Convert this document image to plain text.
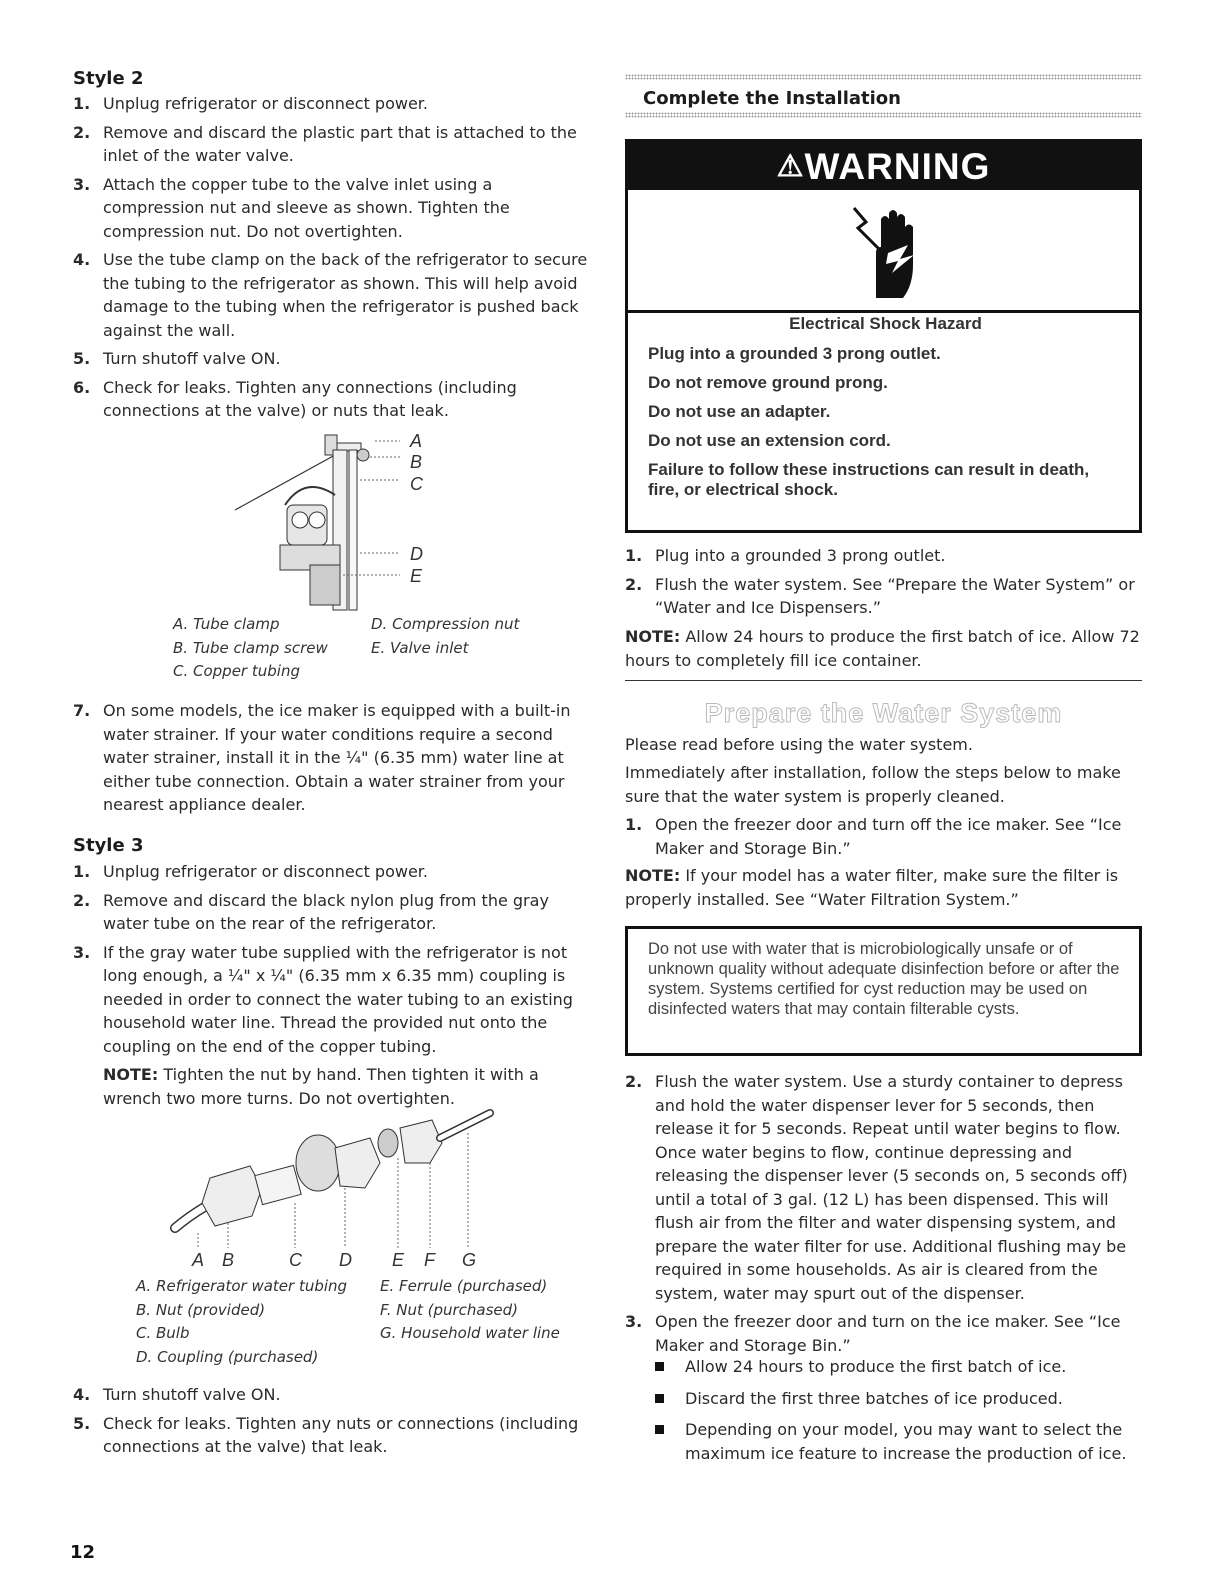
Style 2
1. Unplug refrigerator or disconnect power.
2. Remove and discard the plastic part that is attached to the inlet of the water valve.
3. Attach the copper tube to the valve inlet using a compression nut and sleeve as shown. Tighten the compression nut. Do not overtighten.
4. Use the tube clamp on the back of the refrigerator to secure the tubing to the refrigerator as shown. This will help avoid damage to the tubing when the refrigerator is pushed back against the wall.
5. Turn shutoff valve ON.
6. Check for leaks. Tighten any connections (including connections at the valve) or nuts that leak.
A
B
C
D
E
A. Tube clamp
B. Tube clamp screw
C. Copper tubing
D. Compression nut
E. Valve inlet
7. On some models, the ice maker is equipped with a built-in water strainer. If your water conditions require a second water strainer, install it in the ¼" (6.35 mm) water line at either tube connection. Obtain a water strainer from your nearest appliance dealer.
Style 3
1. Unplug refrigerator or disconnect power.
2. Remove and discard the black nylon plug from the gray water tube on the rear of the refrigerator.
3. If the gray water tube supplied with the refrigerator is not long enough, a ¼" x ¼" (6.35 mm x 6.35 mm) coupling is needed in order to connect the water tubing to an existing household water line. Thread the provided nut onto the coupling on the end of the copper tubing.
NOTE: Tighten the nut by hand. Then tighten it with a wrench two more turns. Do not overtighten.
A B	C D E F G
A. Refrigerator water tubing
B. Nut (provided)
C. Bulb
D. Coupling (purchased)
E. Ferrule (purchased)
F. Nut (purchased)
G. Household water line
4. Turn shutoff valve ON.
5. Check for leaks. Tighten any nuts or connections (including connections at the valve) that leak.
12
Complete the Installation
⚠WARNING
Electrical Shock Hazard
Plug into a grounded 3 prong outlet.
Do not remove ground prong.
Do not use an adapter.
Do not use an extension cord.
Failure to follow these instructions can result in death, fire, or electrical shock.
1. Plug into a grounded 3 prong outlet.
2. Flush the water system. See “Prepare the Water System” or “Water and Ice Dispensers.”
NOTE: Allow 24 hours to produce the first batch of ice. Allow 72 hours to completely fill ice container.
Prepare the Water System
Please read before using the water system.
Immediately after installation, follow the steps below to make sure that the water system is properly cleaned.
1. Open the freezer door and turn off the ice maker. See “Ice Maker and Storage Bin.”
NOTE: If your model has a water filter, make sure the filter is properly installed. See “Water Filtration System.”
Do not use with water that is microbiologically unsafe or of unknown quality without adequate disinfection before or after the system. Systems certified for cyst reduction may be used on disinfected waters that may contain filterable cysts.
2. Flush the water system. Use a sturdy container to depress and hold the water dispenser lever for 5 seconds, then release it for 5 seconds. Repeat until water begins to flow. Once water begins to flow, continue depressing and releasing the dispenser lever (5 seconds on, 5 seconds off) until a total of 3 gal. (12 L) has been dispensed. This will flush air from the filter and water dispensing system, and prepare the water filter for use. Additional flushing may be required in some households. As air is cleared from the system, water may spurt out of the dispenser.
3. Open the freezer door and turn on the ice maker. See “Ice Maker and Storage Bin.”
Allow 24 hours to produce the first batch of ice.
Discard the first three batches of ice produced.
Depending on your model, you may want to select the maximum ice feature to increase the production of ice.
